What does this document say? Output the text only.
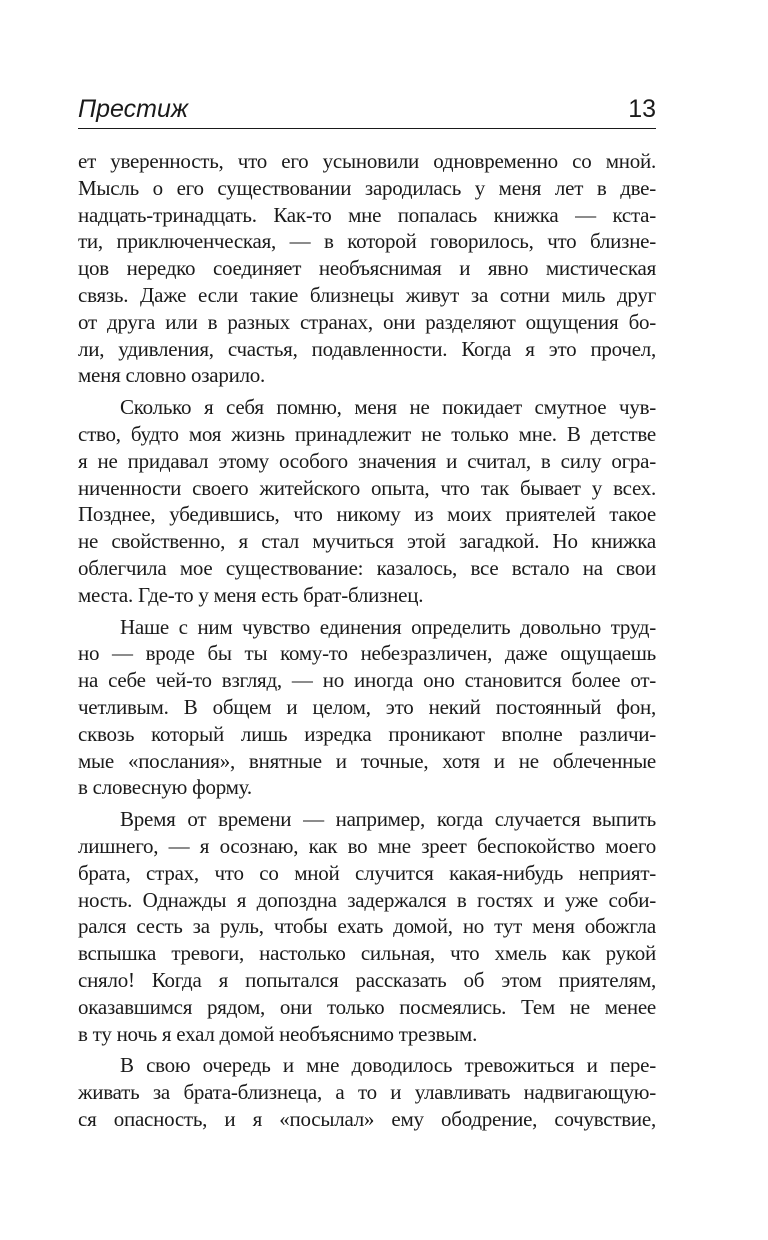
Престиж	13
ет уверенность, что его усыновили одновременно со мной.
Мысль о его существовании зародилась у меня лет в две-
надцать-тринадцать. Как-то мне попалась книжка — кста-
ти, приключенческая, — в которой говорилось, что близне-
цов нередко соединяет необъяснимая и явно мистическая
связь. Даже если такие близнецы живут за сотни миль друг
от друга или в разных странах, они разделяют ощущения бо-
ли, удивления, счастья, подавленности. Когда я это прочел,
меня словно озарило.
Сколько я себя помню, меня не покидает смутное чув-
ство, будто моя жизнь принадлежит не только мне. В детстве
я не придавал этому особого значения и считал, в силу огра-
ниченности своего житейского опыта, что так бывает у всех.
Позднее, убедившись, что никому из моих приятелей такое
не свойственно, я стал мучиться этой загадкой. Но книжка
облегчила мое существование: казалось, все встало на свои
места. Где-то у меня есть брат-близнец.
Наше с ним чувство единения определить довольно труд-
но — вроде бы ты кому-то небезразличен, даже ощущаешь
на себе чей-то взгляд, — но иногда оно становится более от-
четливым. В общем и целом, это некий постоянный фон,
сквозь который лишь изредка проникают вполне различи-
мые «послания», внятные и точные, хотя и не облеченные
в словесную форму.
Время от времени — например, когда случается выпить
лишнего, — я осознаю, как во мне зреет беспокойство моего
брата, страх, что со мной случится какая-нибудь неприят-
ность. Однажды я допоздна задержался в гостях и уже соби-
рался сесть за руль, чтобы ехать домой, но тут меня обожгла
вспышка тревоги, настолько сильная, что хмель как рукой
сняло! Когда я попытался рассказать об этом приятелям,
оказавшимся рядом, они только посмеялись. Тем не менее
в ту ночь я ехал домой необъяснимо трезвым.
В свою очередь и мне доводилось тревожиться и пере-
живать за брата-близнеца, а то и улавливать надвигающую-
ся опасность, и я «посылал» ему ободрение, сочувствие,
